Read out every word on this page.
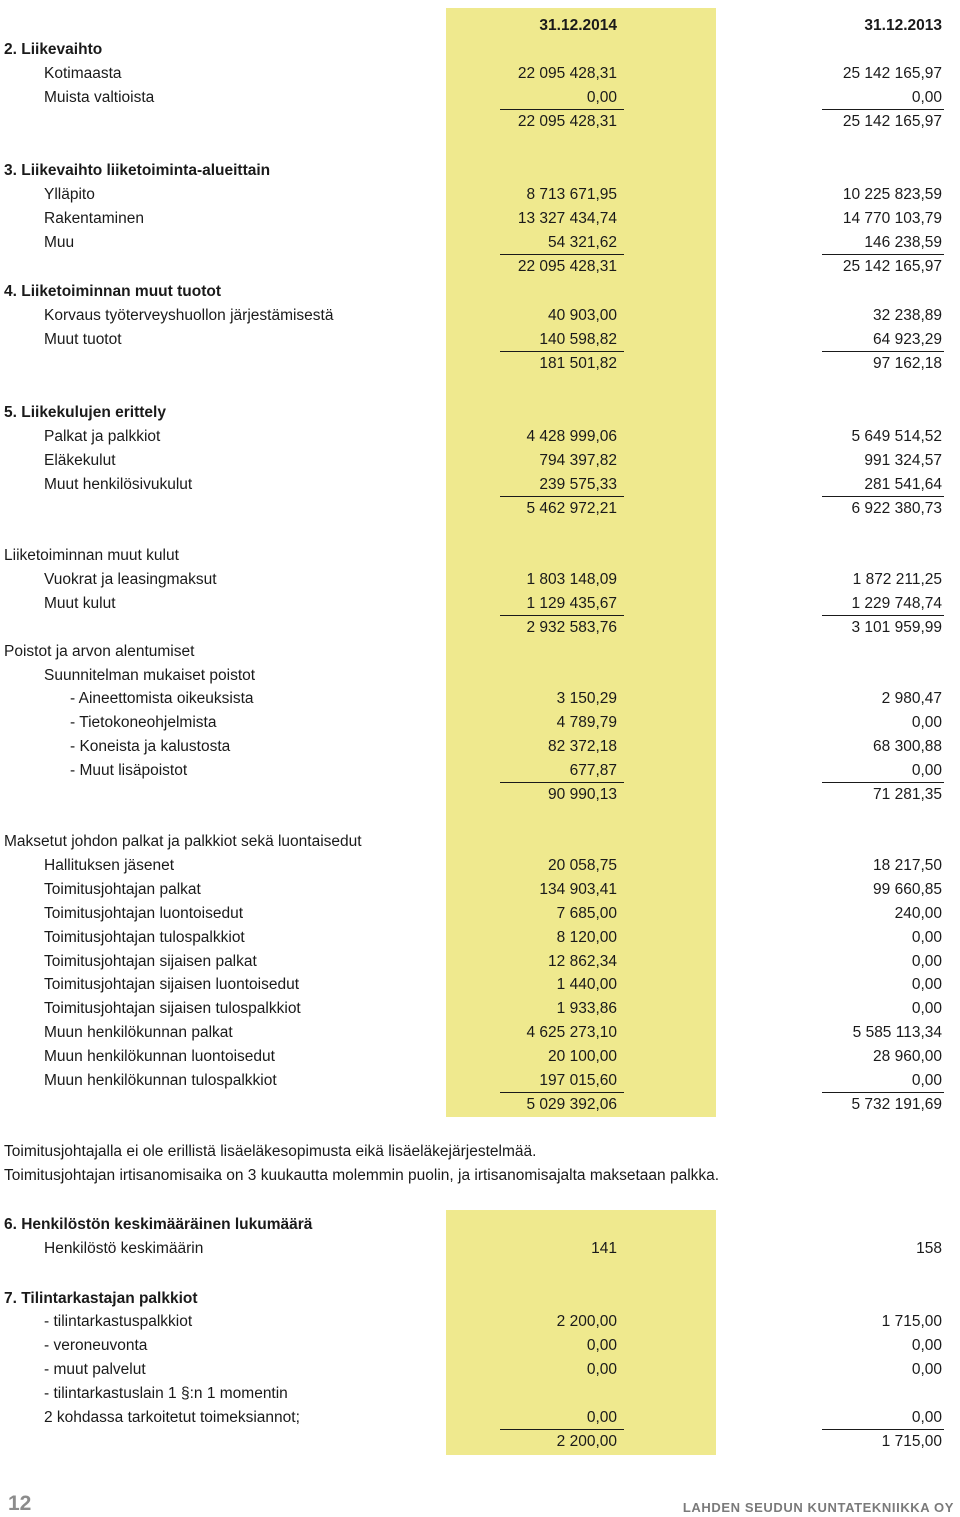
31.12.2014	31.12.2013
2. Liikevaihto
Kotimaasta	22 095 428,31	25 142 165,97
Muista valtioista	0,00	0,00
22 095 428,31	25 142 165,97
3. Liikevaihto liiketoiminta-alueittain
Ylläpito	8 713 671,95	10 225 823,59
Rakentaminen	13 327 434,74	14 770 103,79
Muu	54 321,62	146 238,59
22 095 428,31	25 142 165,97
4. Liiketoiminnan muut tuotot
Korvaus työterveyshuollon järjestämisestä	40 903,00	32 238,89
Muut tuotot	140 598,82	64 923,29
181 501,82	97 162,18
5. Liikekulujen erittely
Palkat ja palkkiot	4 428 999,06	5 649 514,52
Eläkekulut	794 397,82	991 324,57
Muut henkilösivukulut	239 575,33	281 541,64
5 462 972,21	6 922 380,73
Liiketoiminnan muut kulut
Vuokrat ja leasingmaksut	1 803 148,09	1 872 211,25
Muut kulut	1 129 435,67	1 229 748,74
2 932 583,76	3 101 959,99
Poistot ja arvon alentumiset
Suunnitelman mukaiset poistot
- Aineettomista oikeuksista	3 150,29	2 980,47
- Tietokoneohjelmista	4 789,79	0,00
- Koneista ja kalustosta	82 372,18	68 300,88
- Muut lisäpoistot	677,87	0,00
90 990,13	71 281,35
Maksetut johdon palkat ja palkkiot sekä luontaisedut
Hallituksen jäsenet	20 058,75	18 217,50
Toimitusjohtajan palkat	134 903,41	99 660,85
Toimitusjohtajan luontoisedut	7 685,00	240,00
Toimitusjohtajan tulospalkkiot	8 120,00	0,00
Toimitusjohtajan sijaisen palkat	12 862,34	0,00
Toimitusjohtajan sijaisen luontoisedut	1 440,00	0,00
Toimitusjohtajan sijaisen tulospalkkiot	1 933,86	0,00
Muun henkilökunnan palkat	4 625 273,10	5 585 113,34
Muun henkilökunnan luontoisedut	20 100,00	28 960,00
Muun henkilökunnan tulospalkkiot	197 015,60	0,00
5 029 392,06	5 732 191,69
Toimitusjohtajalla ei ole erillistä lisäeläkesopimusta eikä lisäeläkejärjestelmää.
Toimitusjohtajan irtisanomisaika on 3 kuukautta molemmin puolin, ja irtisanomisajalta maksetaan palkka.
6. Henkilöstön keskimääräinen lukumäärä
Henkilöstö keskimäärin	141	158
7. Tilintarkastajan palkkiot
- tilintarkastuspalkkiot	2 200,00	1 715,00
- veroneuvonta	0,00	0,00
- muut palvelut	0,00	0,00
- tilintarkastuslain 1 §:n 1 momentin
2 kohdassa tarkoitetut toimeksiannot;	0,00	0,00
2 200,00	1 715,00
12	LAHDEN SEUDUN KUNTATEKNIIKKA OY
